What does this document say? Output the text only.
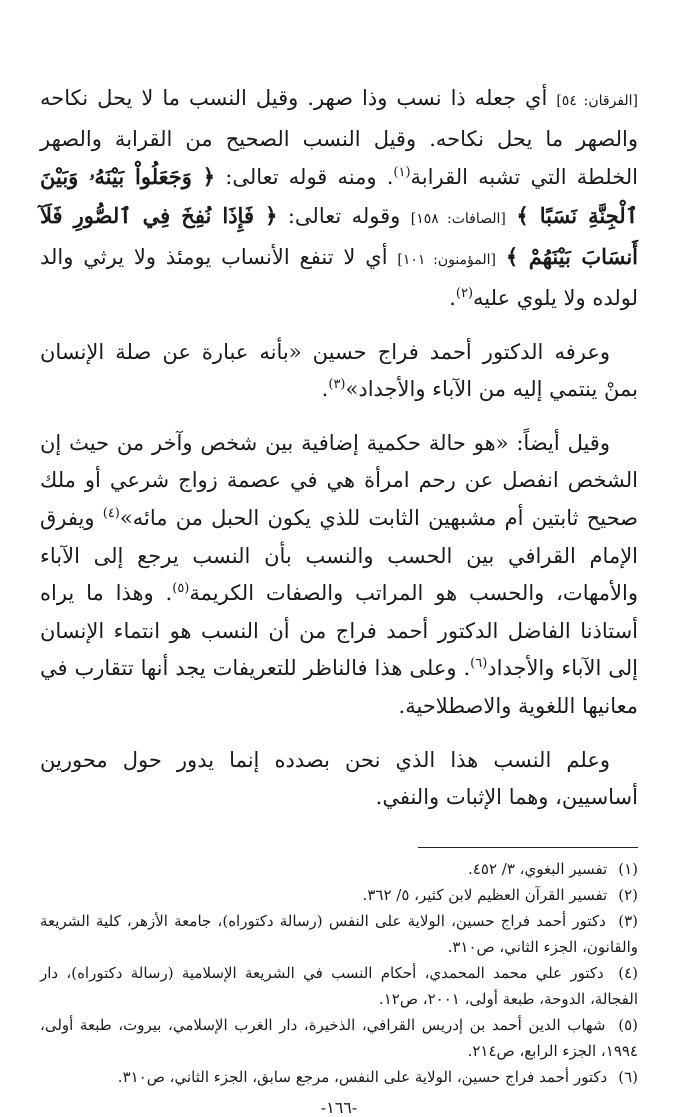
[الفرقان: ٥٤] أي جعله ذا نسب وذا صهر. وقيل النسب ما لا يحل نكاحه والصهر ما يحل نكاحه. وقيل النسب الصحيح من القرابة والصهر الخلطة التي تشبه القرابة$^{(١)}$. ومنه قوله تعالى: ﴿ وَجَعَلُواْ بَيْنَهُۥ وَبَيْنَ ٱلْجِنَّةِ نَسَبًا ﴾ [الصافات: ١٥٨] وقوله تعالى: ﴿ فَإِذَا نُفِخَ فِي ٱلصُّورِ فَلَآ أَنسَابَ بَيْنَهُمْ ﴾ [المؤمنون: ١٠١] أي لا تنفع الأنساب يومئذ ولا يرثي والد لولده ولا يلوي عليه$^{(٢)}$.

وعرفه الدكتور أحمد فراج حسين «بأنه عبارة عن صلة الإنسان بمنْ ينتمي إليه من الآباء والأجداد»$^{(٣)}$.

وقيل أيضاً: «هو حالة حكمية إضافية بين شخص وآخر من حيث إن الشخص انفصل عن رحم امرأة هي في عصمة زواج شرعي أو ملك صحيح ثابتين ‌أم مشبهين الثابت للذي يكون الحبل من مائه»$^{(٤)}$ ويفرق الإمام القرافي بين الحسب والنسب بأن النسب يرجع إلى الآباء والأمهات، والحسب هو المراتب والصفات الكريمة$^{(٥)}$. وهذا ما يراه أستاذنا الفاضل الدكتور أحمد فراج من أن النسب هو انتماء الإنسان إلى الآباء والأجداد$^{(٦)}$. وعلى هذا فالناظر للتعريفات يجد أنها تتقارب في معانيها اللغوية والاصطلاحية.

وعلم النسب هذا الذي نحن بصدده إنما يدور حول محورين أساسيين، وهما الإثبات والنفي.

(١) تفسير البغوي، ٣/ ٤٥٢.

(٢) تفسير القرآن العظيم لابن كثير، ٥/ ٣٦٢.

(٣) دكتور أحمد فراج حسين، الولاية على النفس (رسالة دكتوراه)، جامعة الأزهر، كلية الشريعة والقانون، الجزء الثاني، ص٣١٠.

(٤) دكتور علي محمد المحمدي، أحكام النسب في الشريعة الإسلامية (رسالة دكتوراه)، دار الفجالة، الدوحة، طبعة أولى، ٢٠٠١، ص١٢.

(٥) شهاب الدين أحمد بن إدريس القرافي، الذخيرة، دار الغرب الإسلامي، بيروت، طبعة أولى، ١٩٩٤، الجزء الرابع، ص٢١٤.

(٦) دكتور أحمد فراج حسين، الولاية على النفس، مرجع سابق، الجزء الثاني، ص٣١٠.

-١٦٦-
